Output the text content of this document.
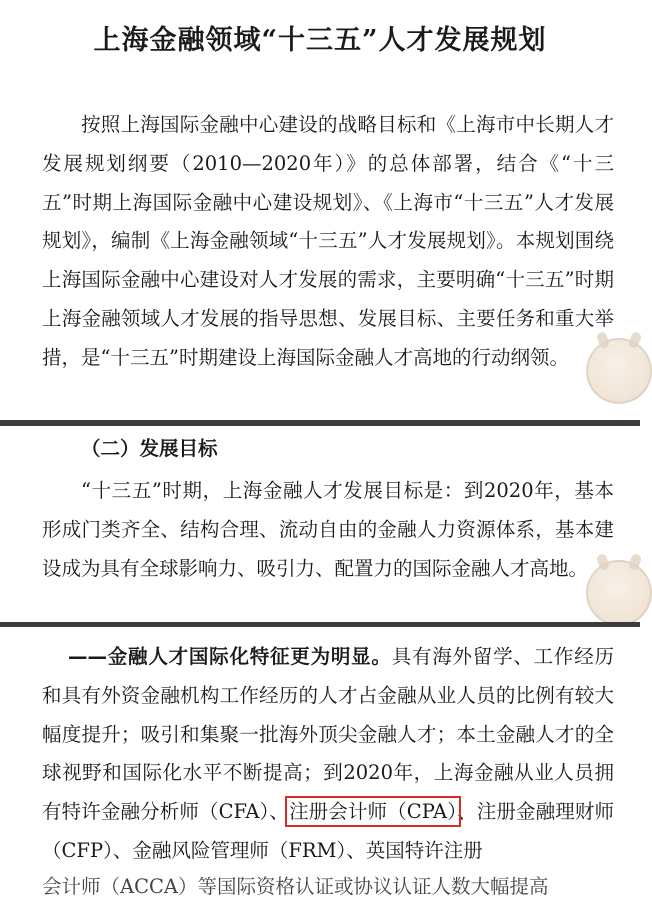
上海金融领域“十三五”人才发展规划

按照上海国际金融中心建设的战略目标和《上海市中长期人才发展规划纲要（2010—2020年）》的总体部署，结合《“十三五”时期上海国际金融中心建设规划》、《上海市“十三五”人才发展规划》，编制《上海金融领域“十三五”人才发展规划》。本规划围绕上海国际金融中心建设对人才发展的需求，主要明确“十三五”时期上海金融领域人才发展的指导思想、发展目标、主要任务和重大举措，是“十三五”时期建设上海国际金融人才高地的行动纲领。

（二）发展目标

“十三五”时期，上海金融人才发展目标是：到2020年，基本形成门类齐全、结构合理、流动自由的金融人力资源体系，基本建设成为具有全球影响力、吸引力、配置力的国际金融人才高地。

——金融人才国际化特征更为明显。具有海外留学、工作经历和具有外资金融机构工作经历的人才占金融从业人员的比例有较大幅度提升；吸引和集聚一批海外顶尖金融人才；本土金融人才的全球视野和国际化水平不断提高；到2020年，上海金融从业人员拥有特许金融分析师（CFA）、注册会计师（CPA）、注册金融理财师（CFP）、金融风险管理师（FRM）、英国特许注册

会计师（ACCA）等国际资格认证或协议认证人数大幅提高
